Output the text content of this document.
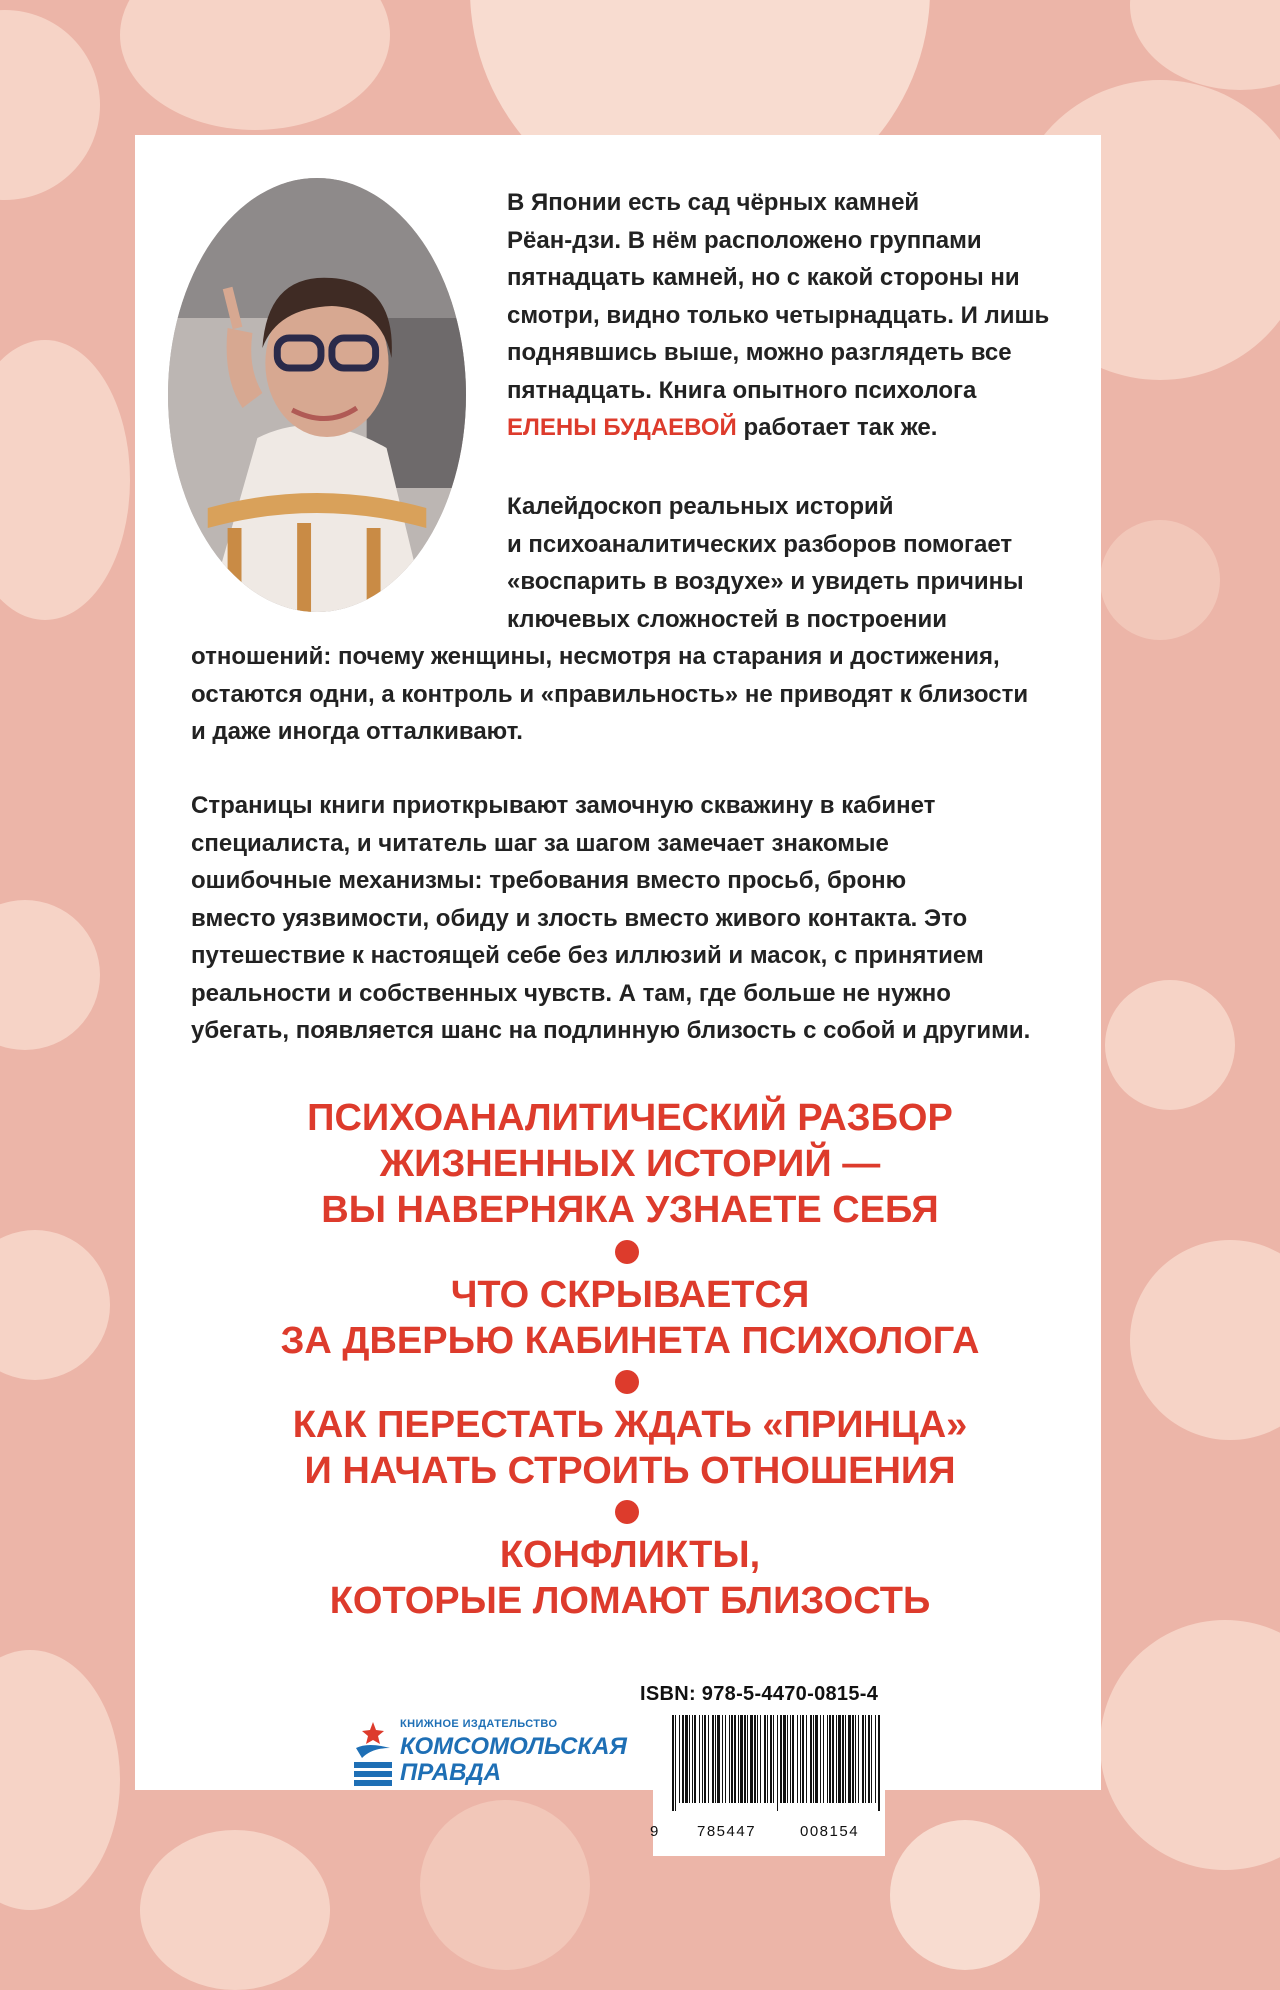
В Японии есть сад чёрных камней
Рёан-дзи. В нём расположено группами
пятнадцать камней, но с какой стороны ни
смотри, видно только четырнадцать. И лишь
поднявшись выше, можно разглядеть все
пятнадцать. Книга опытного психолога
ЕЛЕНЫ БУДАЕВОЙ работает так же.

Калейдоскоп реальных историй
и психоаналитических разборов помогает
«воспарить в воздухе» и увидеть причины
ключевых сложностей в построении

отношений: почему женщины, несмотря на старания и достижения,
остаются одни, а контроль и «правильность» не приводят к близости
и даже иногда отталкивают.

Страницы книги приоткрывают замочную скважину в кабинет
специалиста, и читатель шаг за шагом замечает знакомые
ошибочные механизмы: требования вместо просьб, броню
вместо уязвимости, обиду и злость вместо живого контакта. Это
путешествие к настоящей себе без иллюзий и масок, с принятием
реальности и собственных чувств. А там, где больше не нужно
убегать, появляется шанс на подлинную близость с собой и другими.

ПСИХОАНАЛИТИЧЕСКИЙ РАЗБОР
ЖИЗНЕННЫХ ИСТОРИЙ —
ВЫ НАВЕРНЯКА УЗНАЕТЕ СЕБЯ

ЧТО СКРЫВАЕТСЯ
ЗА ДВЕРЬЮ КАБИНЕТА ПСИХОЛОГА

КАК ПЕРЕСТАТЬ ЖДАТЬ «ПРИНЦА»
И НАЧАТЬ СТРОИТЬ ОТНОШЕНИЯ

КОНФЛИКТЫ,
КОТОРЫЕ ЛОМАЮТ БЛИЗОСТЬ

ISBN: 978-5-4470-0815-4
9	785447	008154
КНИЖНОЕ ИЗДАТЕЛЬСТВО
КОМСОМОЛЬСКАЯ
ПРАВДА
